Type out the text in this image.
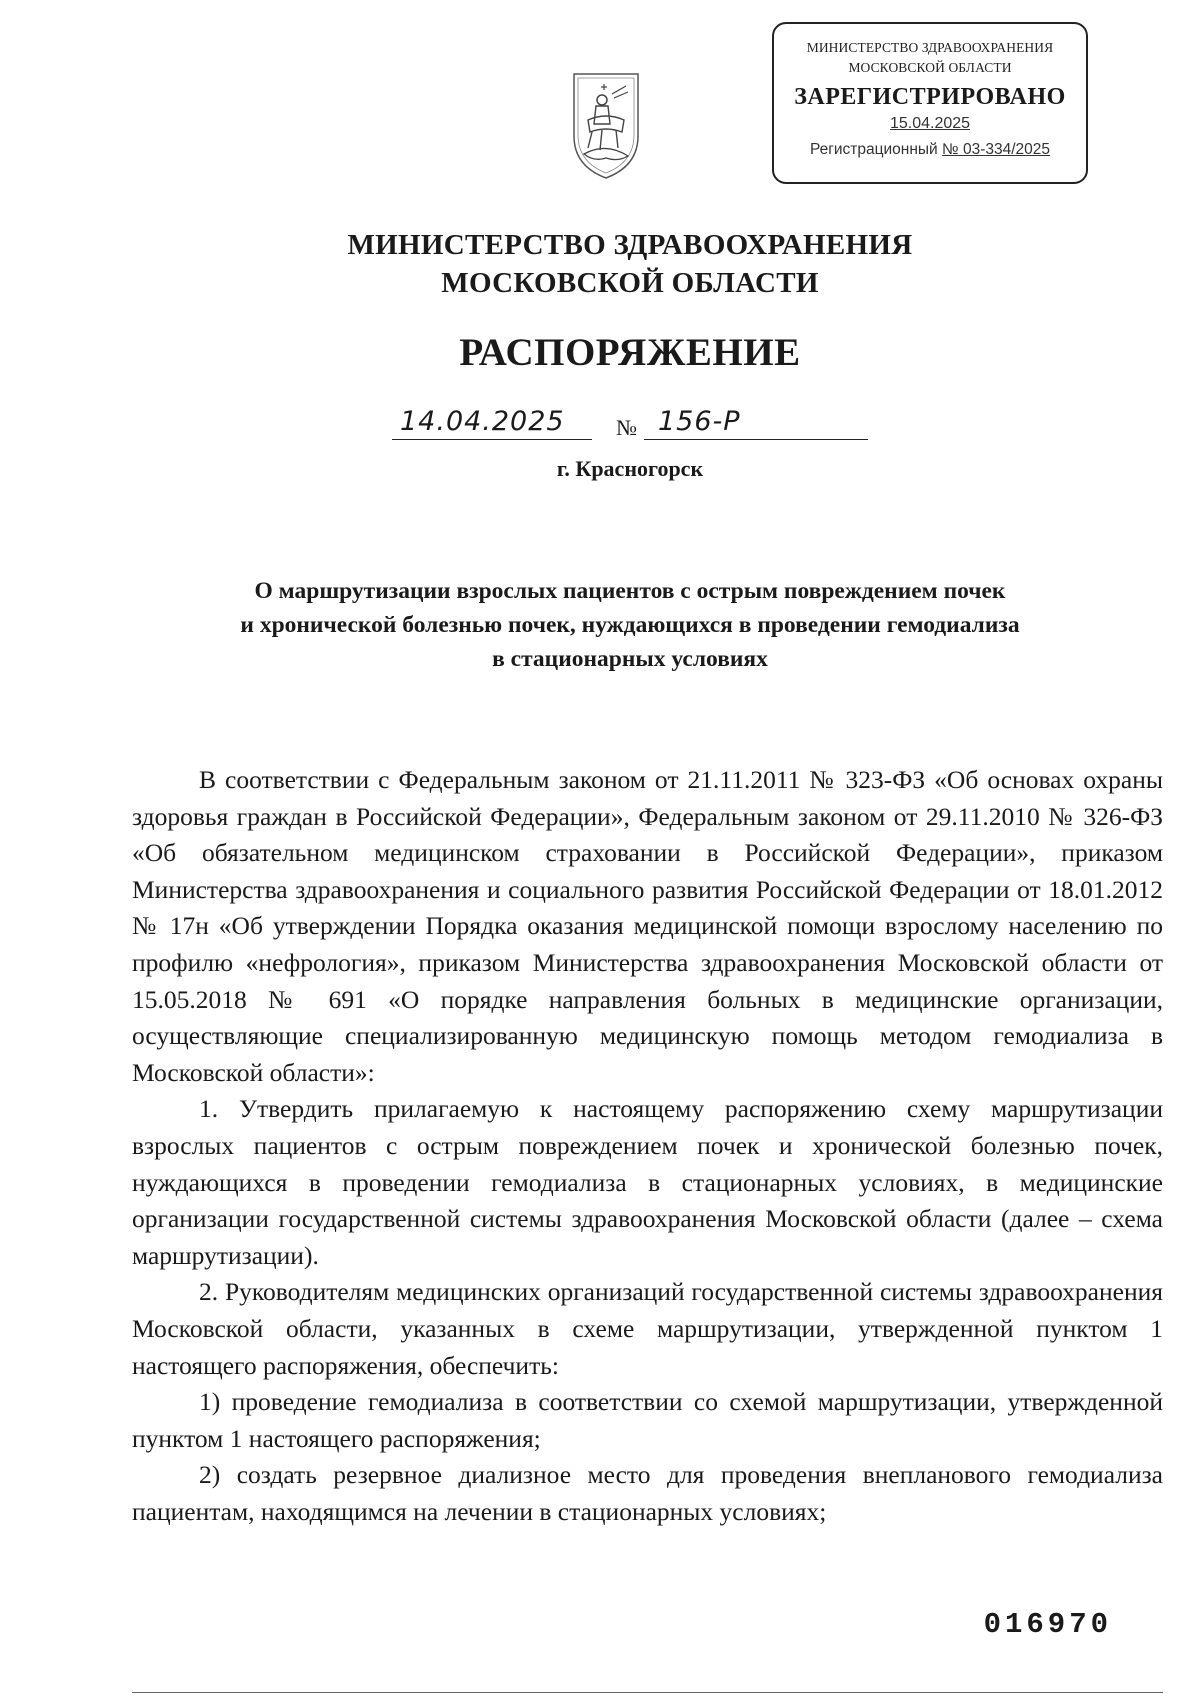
МИНИСТЕРСТВО ЗДРАВООХРАНЕНИЯ
МОСКОВСКОЙ ОБЛАСТИ
ЗАРЕГИСТРИРОВАНО
15.04.2025
Регистрационный № 03-334/2025
МИНИСТЕРСТВО ЗДРАВООХРАНЕНИЯ
МОСКОВСКОЙ ОБЛАСТИ
РАСПОРЯЖЕНИЕ
14.04.2025 № 156-Р
г. Красногорск
О маршрутизации взрослых пациентов с острым повреждением почек
и хронической болезнью почек, нуждающихся в проведении гемодиализа
в стационарных условиях

В соответствии с Федеральным законом от 21.11.2011 № 323-ФЗ «Об основах охраны здоровья граждан в Российской Федерации», Федеральным законом от 29.11.2010 № 326-ФЗ «Об обязательном медицинском страховании в Российской Федерации», приказом Министерства здравоохранения и социального развития Российской Федерации от 18.01.2012 № 17н «Об утверждении Порядка оказания медицинской помощи взрослому населению по профилю «нефрология», приказом Министерства здравоохранения Московской области от 15.05.2018 № 691 «О порядке направления больных в медицинские организации, осуществляющие специализированную медицинскую помощь методом гемодиализа в Московской области»:

1. Утвердить прилагаемую к настоящему распоряжению схему маршрутизации взрослых пациентов с острым повреждением почек и хронической болезнью почек, нуждающихся в проведении гемодиализа в стационарных условиях, в медицинские организации государственной системы здравоохранения Московской области (далее – схема маршрутизации).

2. Руководителям медицинских организаций государственной системы здравоохранения Московской области, указанных в схеме маршрутизации, утвержденной пунктом 1 настоящего распоряжения, обеспечить:

1) проведение гемодиализа в соответствии со схемой маршрутизации, утвержденной пунктом 1 настоящего распоряжения;

2) создать резервное диализное место для проведения внепланового гемодиализа пациентам, находящимся на лечении в стационарных условиях;

016970
